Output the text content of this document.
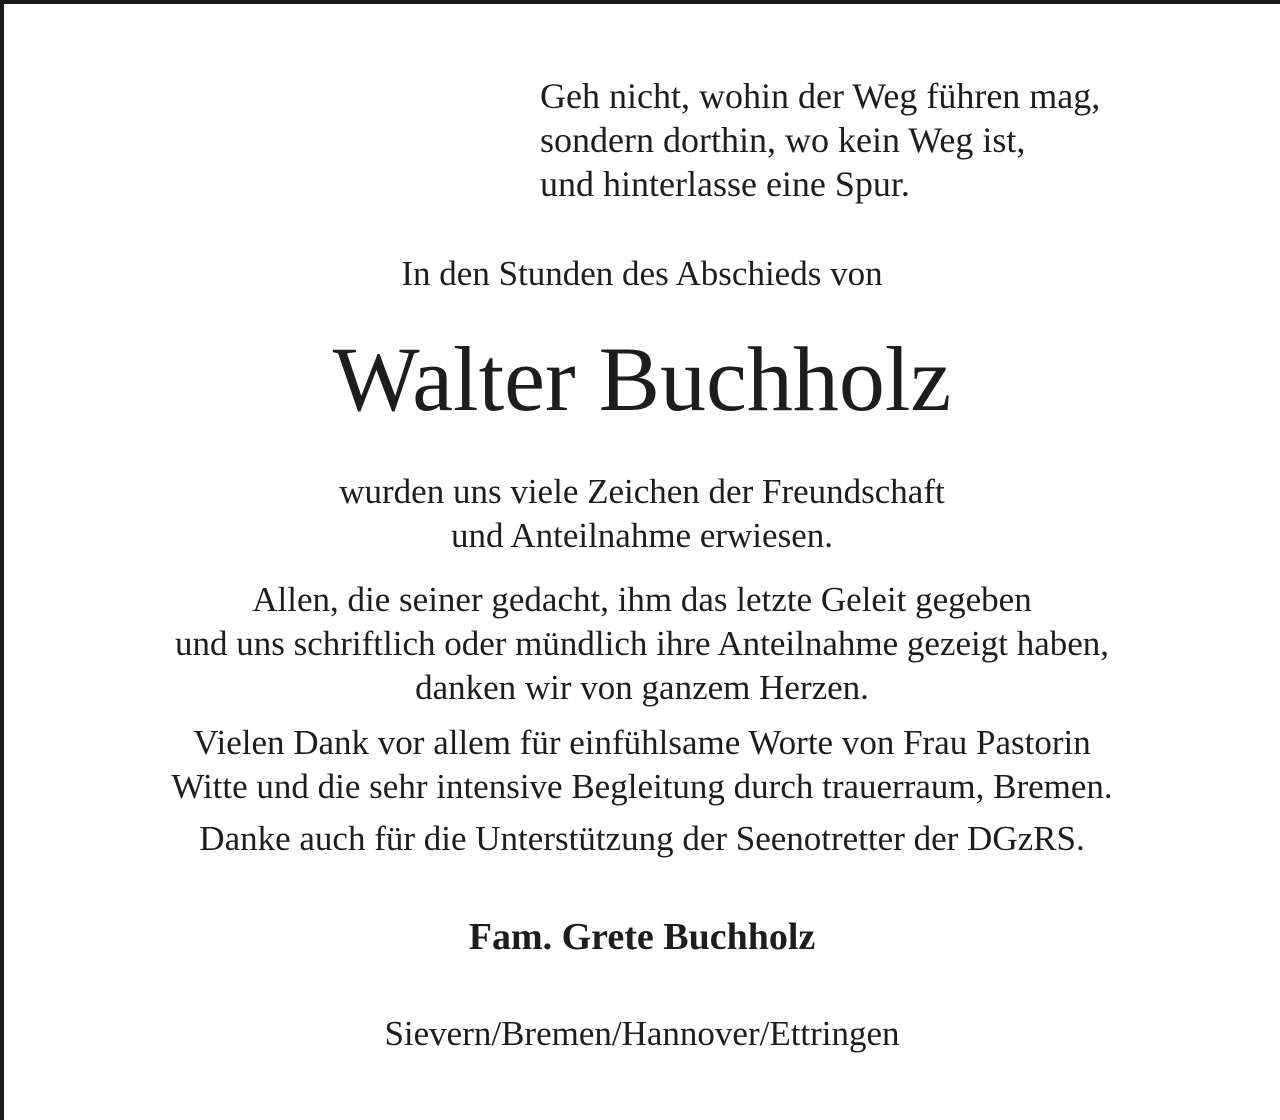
Geh nicht, wohin der Weg führen mag,
sondern dorthin, wo kein Weg ist,
und hinterlasse eine Spur.

In den Stunden des Abschieds von

Walter Buchholz

wurden uns viele Zeichen der Freundschaft
und Anteilnahme erwiesen.

Allen, die seiner gedacht, ihm das letzte Geleit gegeben
und uns schriftlich oder mündlich ihre Anteilnahme gezeigt haben,
danken wir von ganzem Herzen.

Vielen Dank vor allem für einfühlsame Worte von Frau Pastorin
Witte und die sehr intensive Begleitung durch trauerraum, Bremen.

Danke auch für die Unterstützung der Seenotretter der DGzRS.

Fam. Grete Buchholz

Sievern/Bremen/Hannover/Ettringen
